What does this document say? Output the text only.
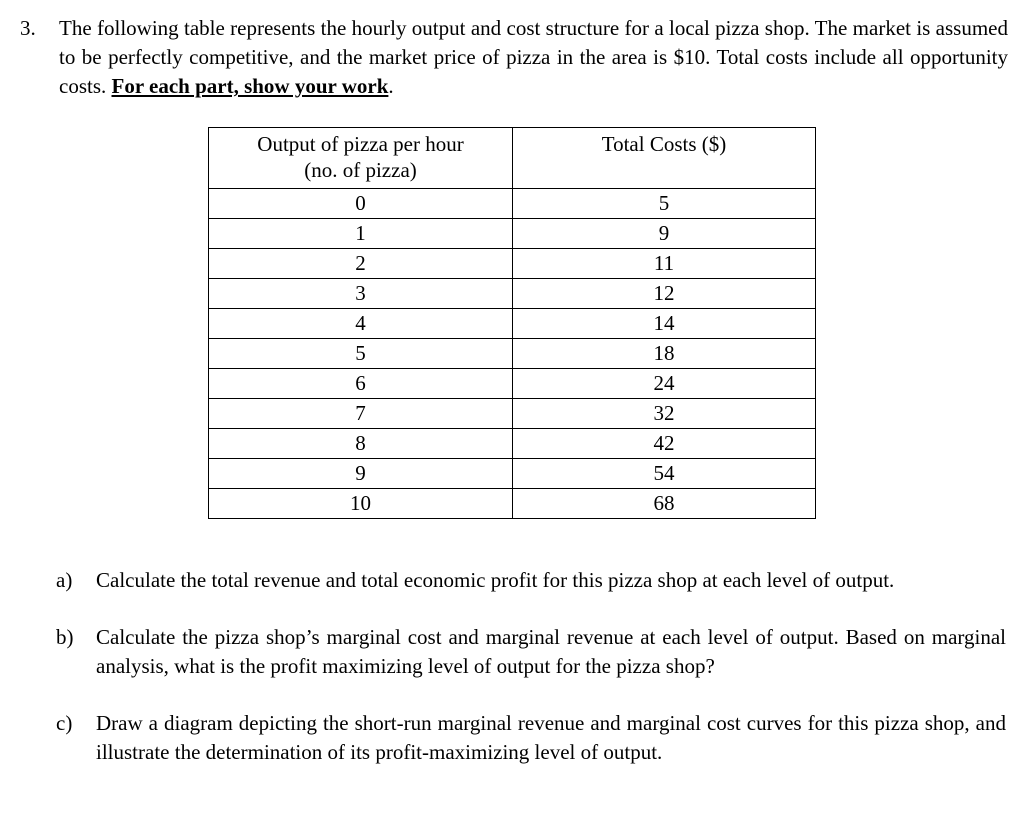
3. The following table represents the hourly output and cost structure for a local pizza shop. The market is assumed to be perfectly competitive, and the market price of pizza in the area is $10. Total costs include all opportunity costs. For each part, show your work.
Output of pizza per hour
(no. of pizza)	Total Costs ($)
0	5
1	9
2	11
3	12
4	14
5	18
6	24
7	32
8	42
9	54
10	68
a) Calculate the total revenue and total economic profit for this pizza shop at each level of output.
b) Calculate the pizza shop’s marginal cost and marginal revenue at each level of output. Based on marginal analysis, what is the profit maximizing level of output for the pizza shop?
c) Draw a diagram depicting the short-run marginal revenue and marginal cost curves for this pizza shop, and illustrate the determination of its profit-maximizing level of output.
